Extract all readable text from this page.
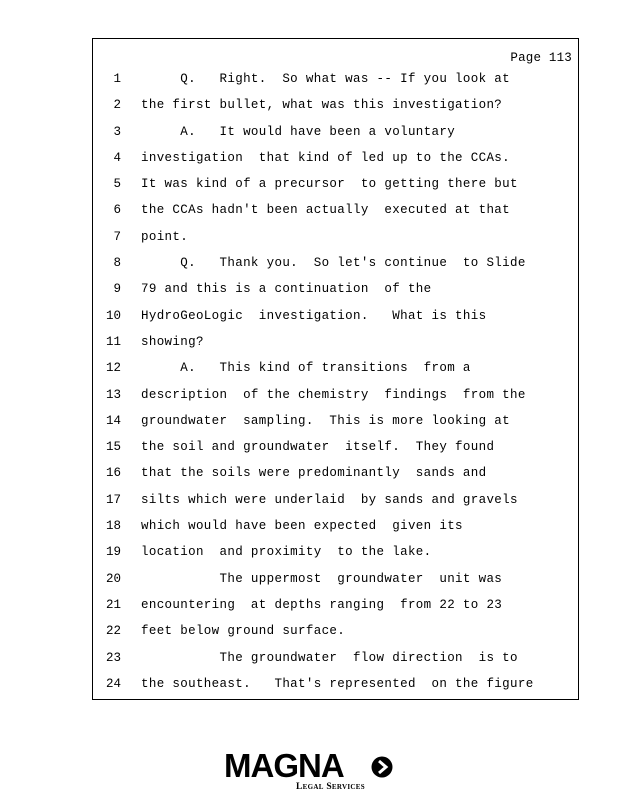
Page 113
1 Q.   Right.  So what was -- If you look at
2 the first bullet, what was this investigation?
3 A.   It would have been a voluntary
4 investigation  that kind of led up to the CCAs.
5 It was kind of a precursor  to getting there but
6 the CCAs hadn't been actually  executed at that
7 point.
8 Q.   Thank you.  So let's continue  to Slide
9 79 and this is a continuation  of the
10 HydroGeoLogic  investigation.   What is this
11 showing?
12 A.   This kind of transitions  from a
13 description  of the chemistry  findings  from the
14 groundwater  sampling.  This is more looking at
15 the soil and groundwater  itself.  They found
16 that the soils were predominantly  sands and
17 silts which were underlaid  by sands and gravels
18 which would have been expected  given its
19 location  and proximity  to the lake.
20 The uppermost  groundwater  unit was
21 encountering  at depths ranging  from 22 to 23
22 feet below ground surface.
23 The groundwater  flow direction  is to
24 the southeast.   That's represented  on the figure
MAGNA
Legal Services
